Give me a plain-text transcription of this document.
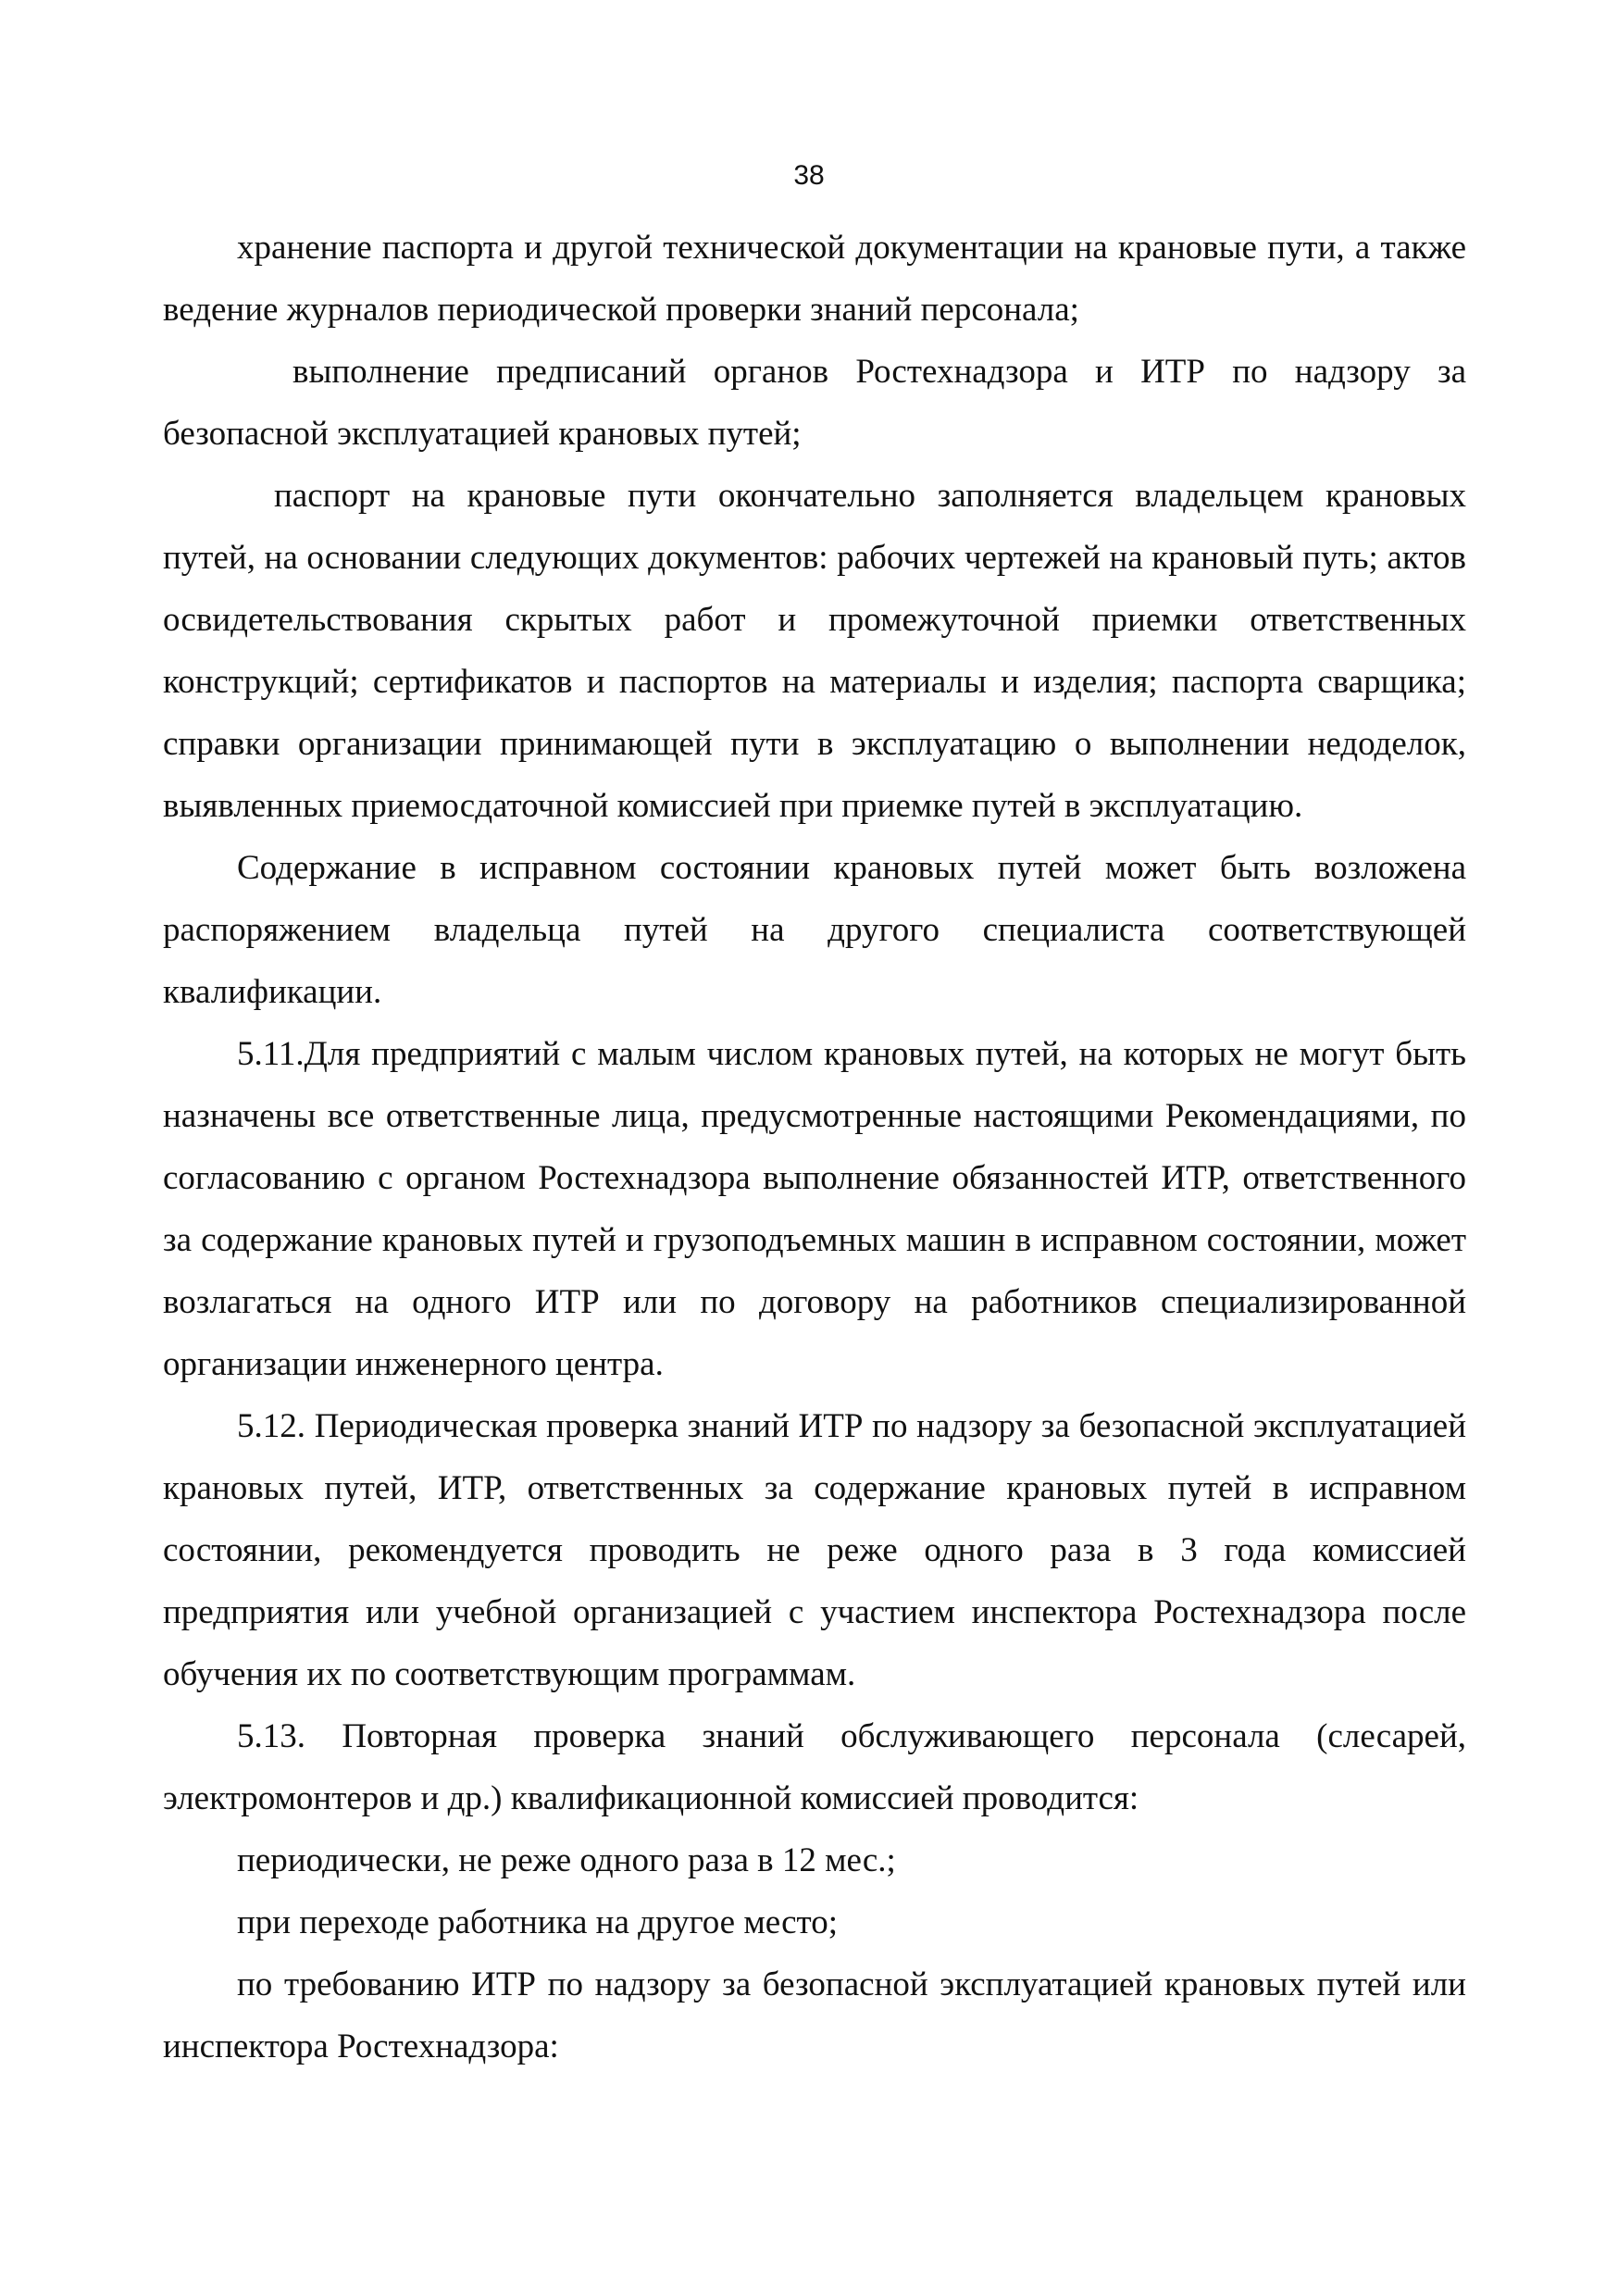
38

хранение паспорта и другой технической документации на крановые пути, а также ведение журналов периодической проверки знаний персонала;

выполнение предписаний органов Ростехнадзора и ИТР по надзору за безопасной эксплуатацией крановых путей;

паспорт на крановые пути окончательно заполняется владельцем крановых путей, на основании следующих документов: рабочих чертежей на крановый путь; актов освидетельствования скрытых работ и промежуточной приемки ответственных конструкций; сертификатов и паспортов на материалы и изделия; паспорта сварщика; справки организации принимающей пути в эксплуатацию о выполнении недоделок, выявленных приемосдаточной комиссией при приемке путей в эксплуатацию.

Содержание в исправном состоянии крановых путей может быть возложена распоряжением владельца путей на другого специалиста соответствующей квалификации.

5.11.Для предприятий с малым числом крановых путей, на которых не могут быть назначены все ответственные лица, предусмотренные настоящими Рекомендациями, по согласованию с органом Ростехнадзора выполнение обязанностей ИТР, ответственного за содержание крановых путей и грузоподъемных машин в исправном состоянии, может возлагаться на одного ИТР или по договору на работников специализированной организации инженерного центра.

5.12. Периодическая проверка знаний ИТР по надзору за безопасной эксплуатацией крановых путей, ИТР, ответственных за содержание крановых путей в исправном состоянии, рекомендуется проводить не реже одного раза в 3 года комиссией предприятия или учебной организацией с участием инспектора Ростехнадзора после обучения их по соответствующим программам.

5.13. Повторная проверка знаний обслуживающего персонала (слесарей, электромонтеров и др.) квалификационной комиссией проводится:

периодически, не реже одного раза в 12 мес.;

при переходе работника на другое место;

по требованию ИТР по надзору за безопасной эксплуатацией крановых путей или инспектора Ростехнадзора:
